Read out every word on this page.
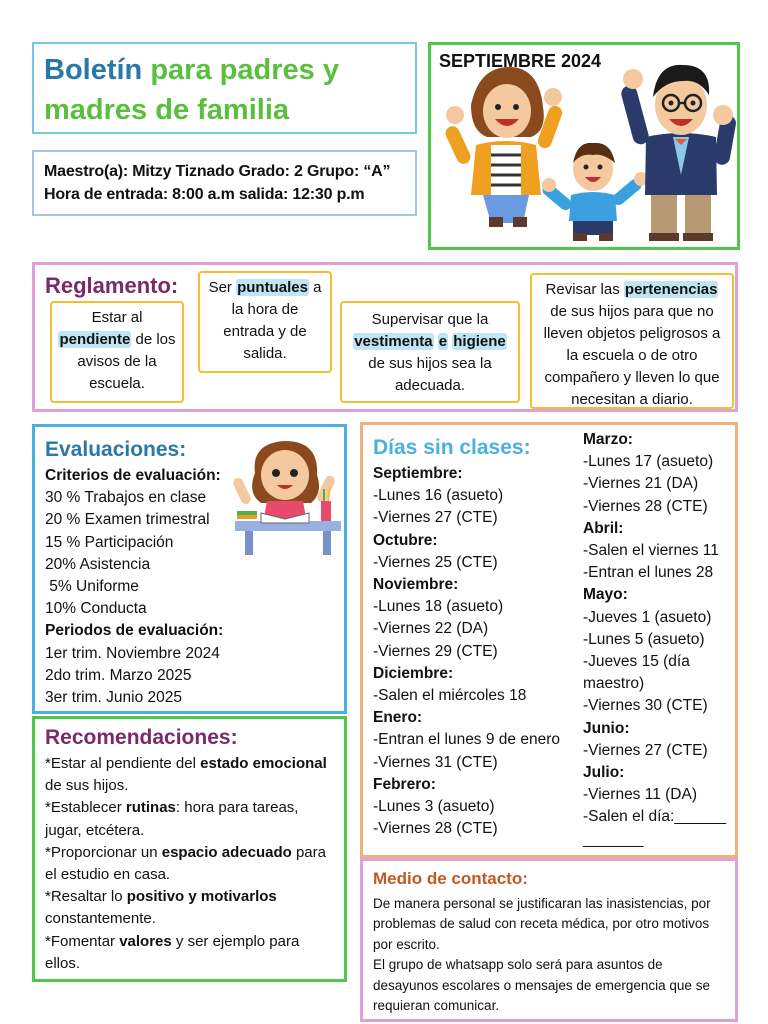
Boletín para padres y
madres de familia
Maestro(a): Mitzy Tiznado Grado: 2 Grupo: “A”
Hora de entrada: 8:00 a.m salida: 12:30 p.m
SEPTIEMBRE 2024
Reglamento:
Estar al pendiente de los avisos de la escuela.
Ser puntuales a la hora de entrada y de salida.
Supervisar que la vestimenta e higiene de sus hijos sea la adecuada.
Revisar las pertenencias de sus hijos para que no lleven objetos peligrosos a la escuela o de otro compañero y lleven lo que necesitan a diario.
Evaluaciones:
Criterios de evaluación:
30 % Trabajos en clase
20 % Examen trimestral
15 % Participación
20% Asistencia
5% Uniforme
10% Conducta
Periodos de evaluación:
1er trim. Noviembre 2024
2do trim. Marzo 2025
3er trim. Junio 2025
Recomendaciones:
*Estar al pendiente del estado emocional de sus hijos.
*Establecer rutinas: hora para tareas, jugar, etcétera.
*Proporcionar un espacio adecuado para el estudio en casa.
*Resaltar lo positivo y motivarlos constantemente.
*Fomentar valores y ser ejemplo para ellos.
Días sin clases:
Septiembre:
-Lunes 16 (asueto)
-Viernes 27 (CTE)
Octubre:
-Viernes 25 (CTE)
Noviembre:
-Lunes 18 (asueto)
-Viernes 22 (DA)
-Viernes 29 (CTE)
Diciembre:
-Salen el miércoles 18
Enero:
-Entran el lunes 9 de enero
-Viernes 31 (CTE)
Febrero:
-Lunes 3 (asueto)
-Viernes 28 (CTE)
Marzo:
-Lunes 17 (asueto)
-Viernes 21 (DA)
-Viernes 28 (CTE)
Abril:
-Salen el viernes 11
-Entran el lunes 28
Mayo:
-Jueves 1 (asueto)
-Lunes 5 (asueto)
-Jueves 15 (día maestro)
-Viernes 30 (CTE)
Junio:
-Viernes 27 (CTE)
Julio:
-Viernes 11 (DA)
-Salen el día:_____________
Medio de contacto:
De manera personal se justificaran las inasistencias, por problemas de salud con receta médica, por otro motivos por escrito.
El grupo de whatsapp solo será para asuntos de desayunos escolares o mensajes de emergencia que se requieran comunicar.
